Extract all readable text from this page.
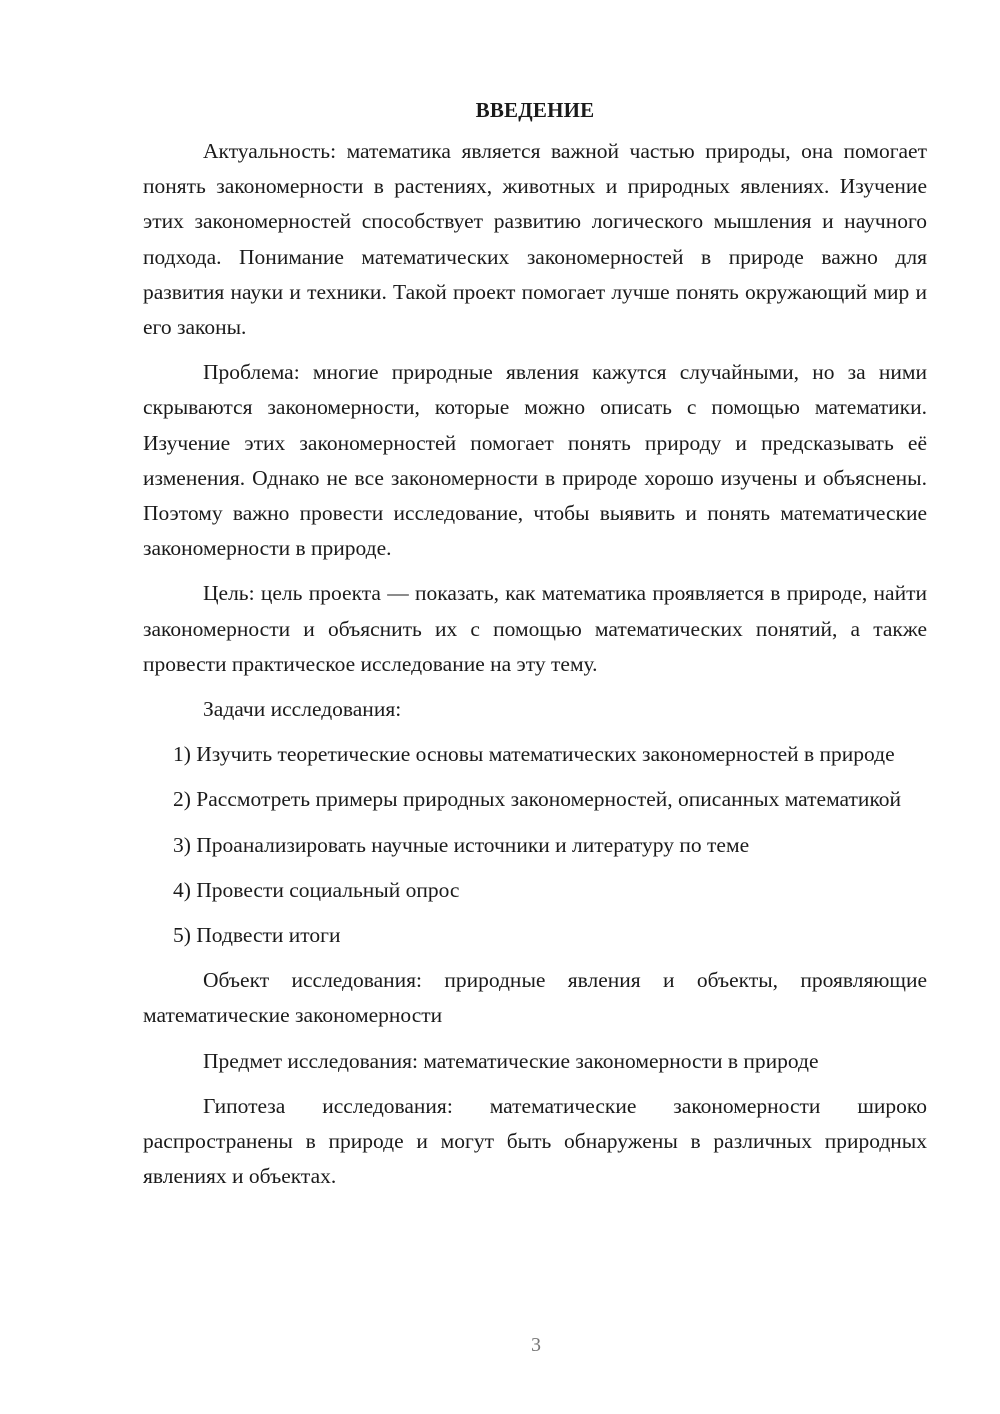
ВВЕДЕНИЕ

Актуальность: математика является важной частью природы, она помогает понять закономерности в растениях, животных и природных явлениях. Изучение этих закономерностей способствует развитию логического мышления и научного подхода. Понимание математических закономерностей в природе важно для развития науки и техники. Такой проект помогает лучше понять окружающий мир и его законы.

Проблема: многие природные явления кажутся случайными, но за ними скрываются закономерности, которые можно описать с помощью математики. Изучение этих закономерностей помогает понять природу и предсказывать её изменения. Однако не все закономерности в природе хорошо изучены и объяснены. Поэтому важно провести исследование, чтобы выявить и понять математические закономерности в природе.

Цель: цель проекта — показать, как математика проявляется в природе, найти закономерности и объяснить их с помощью математических понятий, а также провести практическое исследование на эту тему.

Задачи исследования:

1) Изучить теоретические основы математических закономерностей в природе

2) Рассмотреть примеры природных закономерностей, описанных математикой

3) Проанализировать научные источники и литературу по теме

4) Провести социальный опрос

5) Подвести итоги

Объект исследования: природные явления и объекты, проявляющие математические закономерности

Предмет исследования: математические закономерности в природе

Гипотеза исследования: математические закономерности широко распространены в природе и могут быть обнаружены в различных природных явлениях и объектах.

3
